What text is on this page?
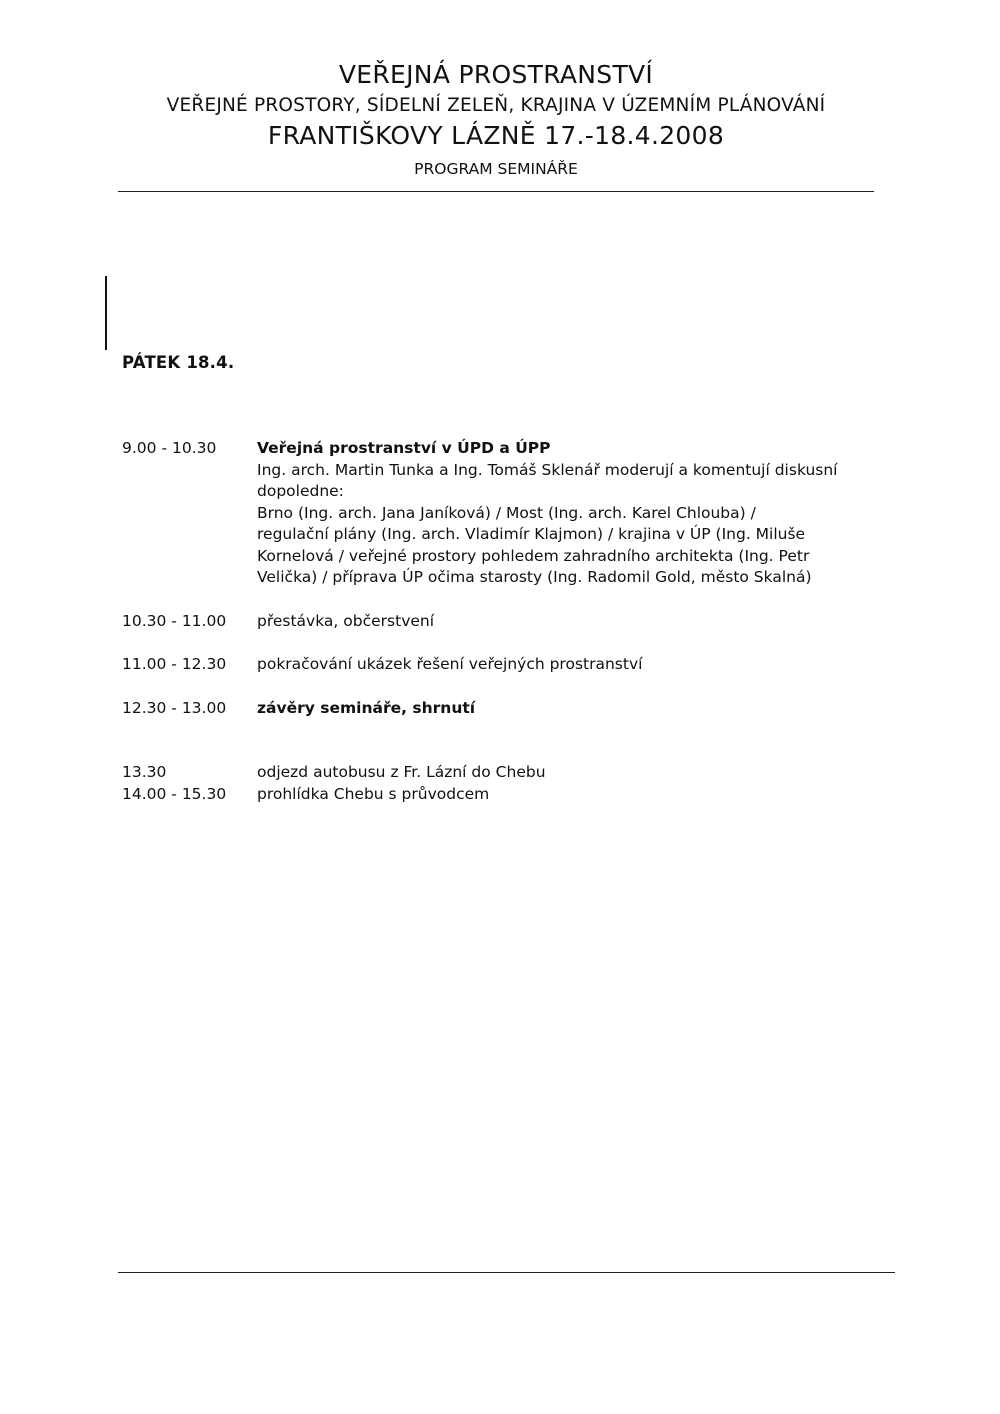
VEŘEJNÁ PROSTRANSTVÍ
VEŘEJNÉ PROSTORY, SÍDELNÍ ZELEŇ, KRAJINA V ÚZEMNÍM PLÁNOVÁNÍ
FRANTIŠKOVY LÁZNĚ 17.-18.4.2008
PROGRAM SEMINÁŘE
PÁTEK 18.4.
9.00 - 10.30	Veřejná prostranství v ÚPD a ÚPP
Ing. arch. Martin Tunka a Ing. Tomáš Sklenář moderují a komentují diskusní
dopoledne:
Brno (Ing. arch. Jana Janíková) / Most (Ing. arch. Karel Chlouba) /
regulační plány (Ing. arch. Vladimír Klajmon) / krajina v ÚP (Ing. Miluše
Kornelová / veřejné prostory pohledem zahradního architekta (Ing. Petr
Velička) / příprava ÚP očima starosty (Ing. Radomil Gold, město Skalná)
10.30 - 11.00	přestávka, občerstvení
11.00 - 12.30	pokračování ukázek řešení veřejných prostranství
12.30 - 13.00	závěry semináře, shrnutí
13.30	odjezd autobusu z Fr. Lázní do Chebu
14.00 - 15.30	prohlídka Chebu s průvodcem
